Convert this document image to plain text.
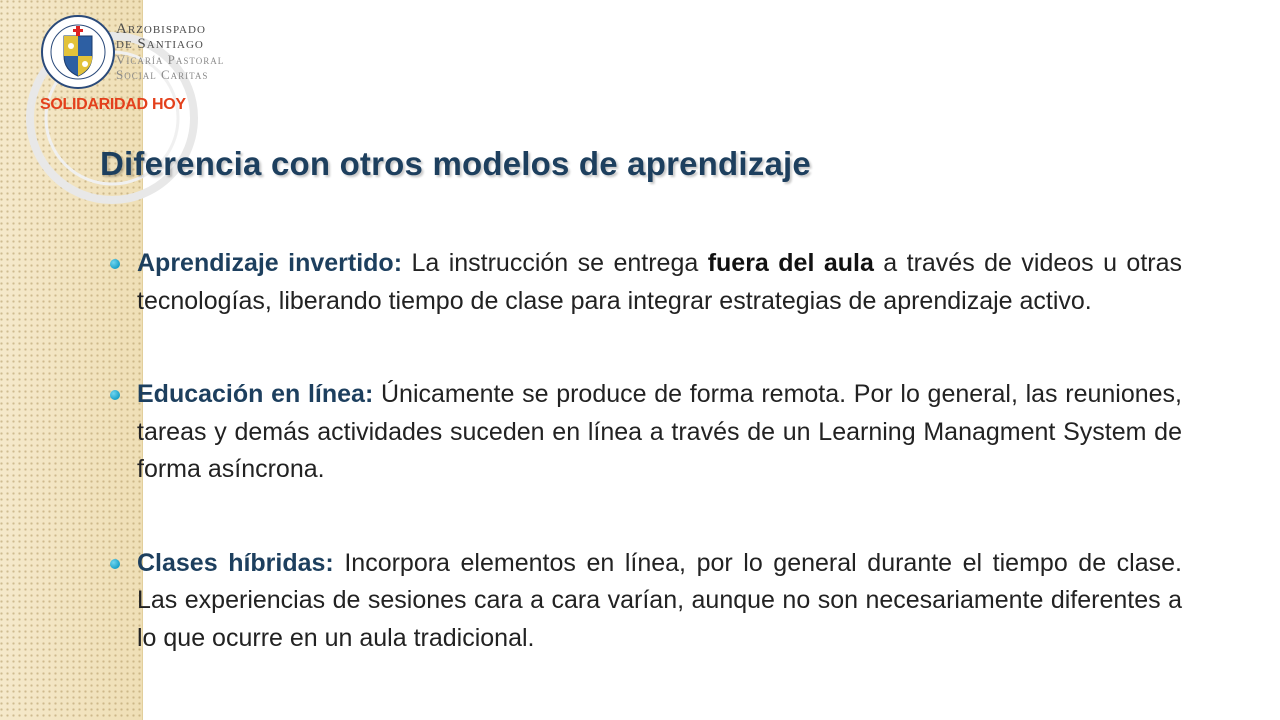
Arzobispado
de Santiago
Vicaría Pastoral
Social Caritas
SOLIDARIDAD HOY
Diferencia con otros modelos de aprendizaje
Aprendizaje invertido: La instrucción se entrega fuera del aula a través de videos u otras tecnologías, liberando tiempo de clase para integrar estrategias de aprendizaje activo.
Educación en línea: Únicamente se produce de forma remota. Por lo general, las reuniones, tareas y demás actividades suceden en línea a través de un Learning Managment System de forma asíncrona.
Clases híbridas: Incorpora elementos en línea, por lo general durante el tiempo de clase. Las experiencias de sesiones cara a cara varían, aunque no son necesariamente diferentes a lo que ocurre en un aula tradicional.
